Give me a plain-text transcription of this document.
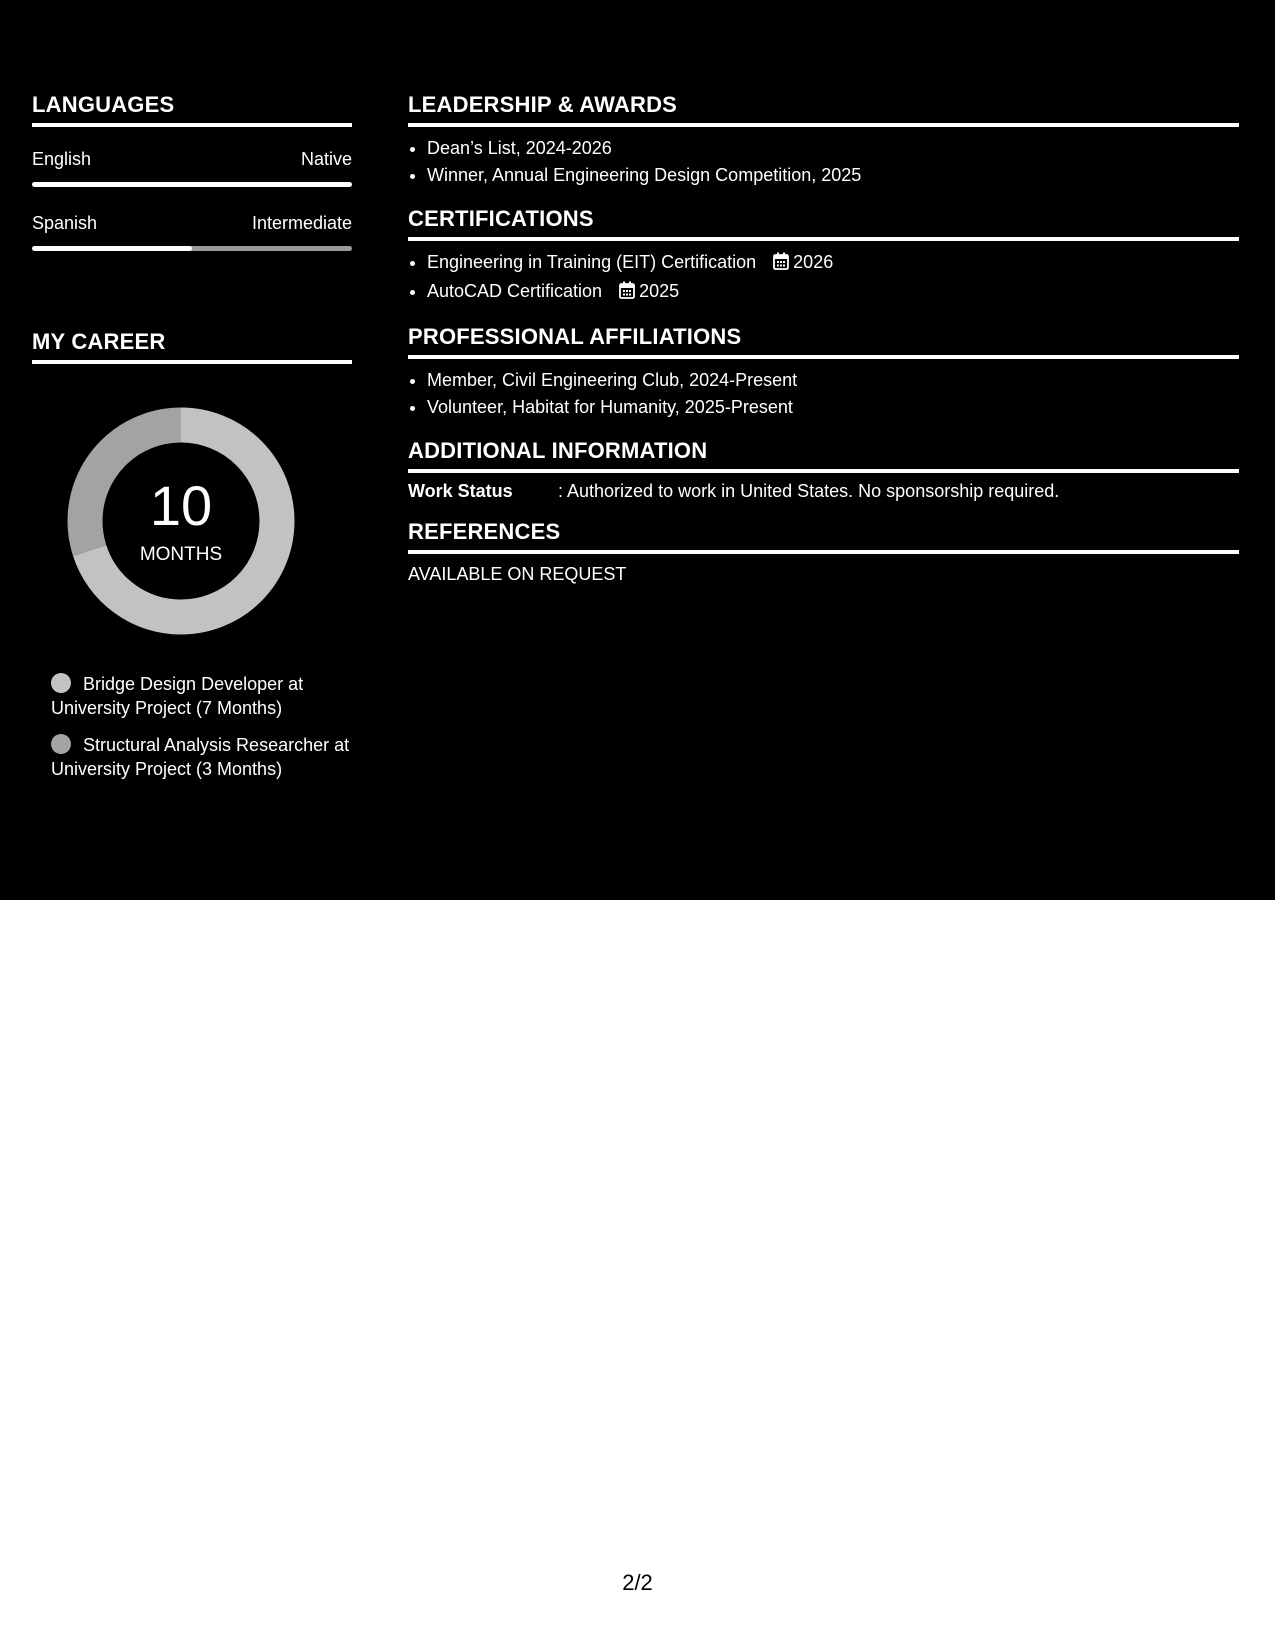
LANGUAGES
English	Native
Spanish	Intermediate
MY CAREER
10
MONTHS
Bridge Design Developer at University Project (7 Months)
Structural Analysis Researcher at University Project (3 Months)
LEADERSHIP & AWARDS
• Dean’s List, 2024-2026
• Winner, Annual Engineering Design Competition, 2025
CERTIFICATIONS
• Engineering in Training (EIT) Certification 2026
• AutoCAD Certification 2025
PROFESSIONAL AFFILIATIONS
• Member, Civil Engineering Club, 2024-Present
• Volunteer, Habitat for Humanity, 2025-Present
ADDITIONAL INFORMATION
Work Status	: Authorized to work in United States. No sponsorship required.
REFERENCES
AVAILABLE ON REQUEST
2/2
